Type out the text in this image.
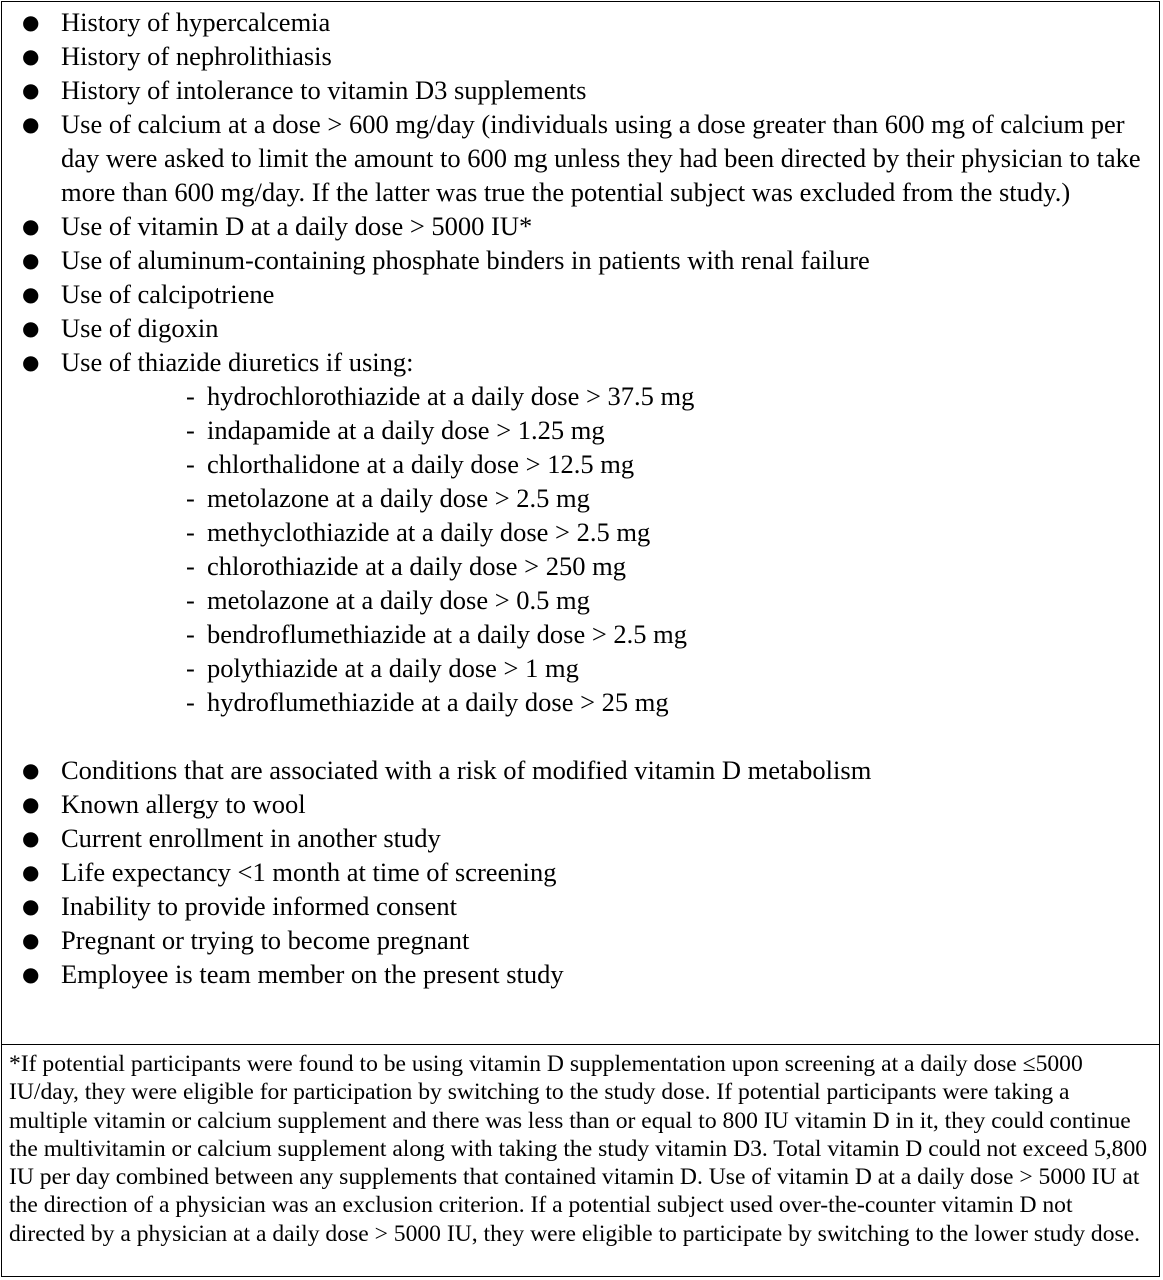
● History of hypercalcemia
● History of nephrolithiasis
● History of intolerance to vitamin D3 supplements
● Use of calcium at a dose > 600 mg/day (individuals using a dose greater than 600 mg of calcium per day were asked to limit the amount to 600 mg unless they had been directed by their physician to take more than 600 mg/day. If the latter was true the potential subject was excluded from the study.)
● Use of vitamin D at a daily dose > 5000 IU*
● Use of aluminum-containing phosphate binders in patients with renal failure
● Use of calcipotriene
● Use of digoxin
● Use of thiazide diuretics if using:
- hydrochlorothiazide at a daily dose > 37.5 mg
- indapamide at a daily dose > 1.25 mg
- chlorthalidone at a daily dose > 12.5 mg
- metolazone at a daily dose > 2.5 mg
- methyclothiazide at a daily dose > 2.5 mg
- chlorothiazide at a daily dose > 250 mg
- metolazone at a daily dose > 0.5 mg
- bendroflumethiazide at a daily dose > 2.5 mg
- polythiazide at a daily dose > 1 mg
- hydroflumethiazide at a daily dose > 25 mg
● Conditions that are associated with a risk of modified vitamin D metabolism
● Known allergy to wool
● Current enrollment in another study
● Life expectancy <1 month at time of screening
● Inability to provide informed consent
● Pregnant or trying to become pregnant
● Employee is team member on the present study
*If potential participants were found to be using vitamin D supplementation upon screening at a daily dose ≤5000 IU/day, they were eligible for participation by switching to the study dose. If potential participants were taking a multiple vitamin or calcium supplement and there was less than or equal to 800 IU vitamin D in it, they could continue the multivitamin or calcium supplement along with taking the study vitamin D3. Total vitamin D could not exceed 5,800 IU per day combined between any supplements that contained vitamin D. Use of vitamin D at a daily dose > 5000 IU at the direction of a physician was an exclusion criterion. If a potential subject used over-the-counter vitamin D not directed by a physician at a daily dose > 5000 IU, they were eligible to participate by switching to the lower study dose.
